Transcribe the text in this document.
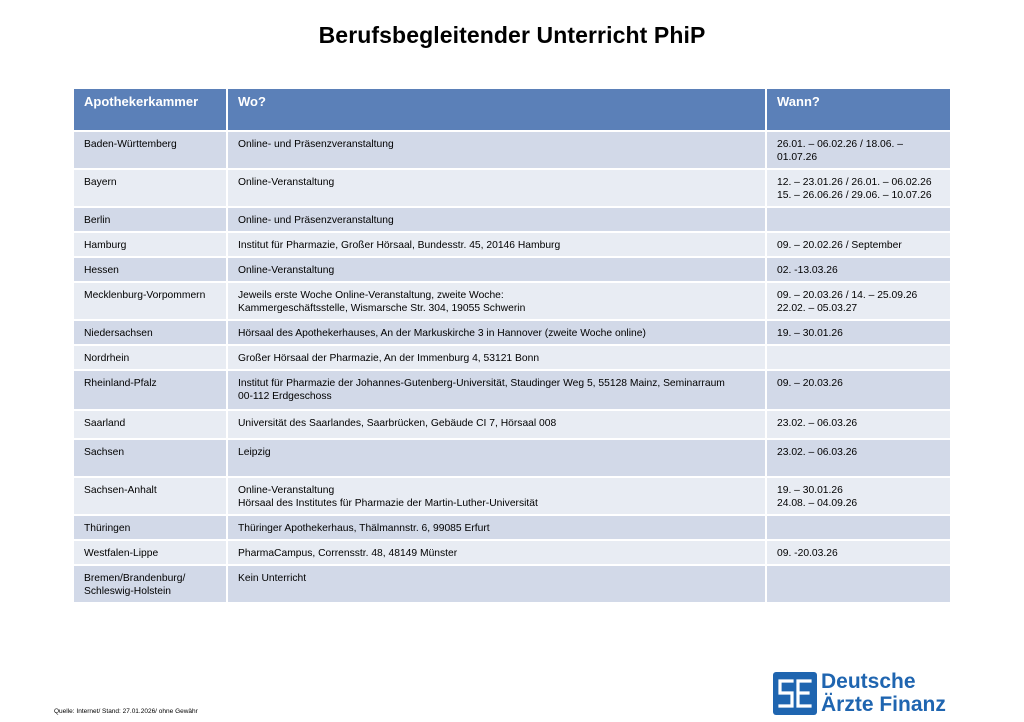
Berufsbegleitender Unterricht PhiP
Apothekerkammer	Wo?	Wann?
Baden-Württemberg	Online- und Präsenzveranstaltung	26.01. – 06.02.26 / 18.06. –
01.07.26

Bayern	Online-Veranstaltung	12. – 23.01.26 / 26.01. – 06.02.26
15. – 26.06.26 / 29.06. – 10.07.26

Berlin	Online- und Präsenzveranstaltung	

Hamburg	Institut für Pharmazie, Großer Hörsaal, Bundesstr. 45, 20146 Hamburg	09. – 20.02.26 / September

Hessen	Online-Veranstaltung	02. -13.03.26

Mecklenburg-Vorpommern	Jeweils erste Woche Online-Veranstaltung, zweite Woche:
Kammergeschäftsstelle, Wismarsche Str. 304, 19055 Schwerin	09. – 20.03.26 / 14. – 25.09.26
22.02. – 05.03.27

Niedersachsen	Hörsaal des Apothekerhauses, An der Markuskirche 3 in Hannover (zweite Woche online)	19. – 30.01.26

Nordrhein	Großer Hörsaal der Pharmazie, An der Immenburg 4, 53121 Bonn	

Rheinland-Pfalz	Institut für Pharmazie der Johannes-Gutenberg-Universität, Staudinger Weg 5, 55128 Mainz, Seminarraum
00-112 Erdgeschoss	09. – 20.03.26

Saarland	Universität des Saarlandes, Saarbrücken, Gebäude CI 7, Hörsaal 008	23.02. – 06.03.26

Sachsen	Leipzig	23.02. – 06.03.26

Sachsen-Anhalt	Online-Veranstaltung
Hörsaal des Institutes für Pharmazie der Martin-Luther-Universität	19. – 30.01.26
24.08. – 04.09.26

Thüringen	Thüringer Apothekerhaus, Thälmannstr. 6, 99085 Erfurt	

Westfalen-Lippe	PharmaCampus, Corrensstr. 48, 48149 Münster	09. -20.03.26

Bremen/Brandenburg/
Schleswig-Holstein	Kein Unterricht	

Quelle: Internet/ Stand: 27.01.2026/ ohne Gewähr
Deutsche
Ärzte Finanz
